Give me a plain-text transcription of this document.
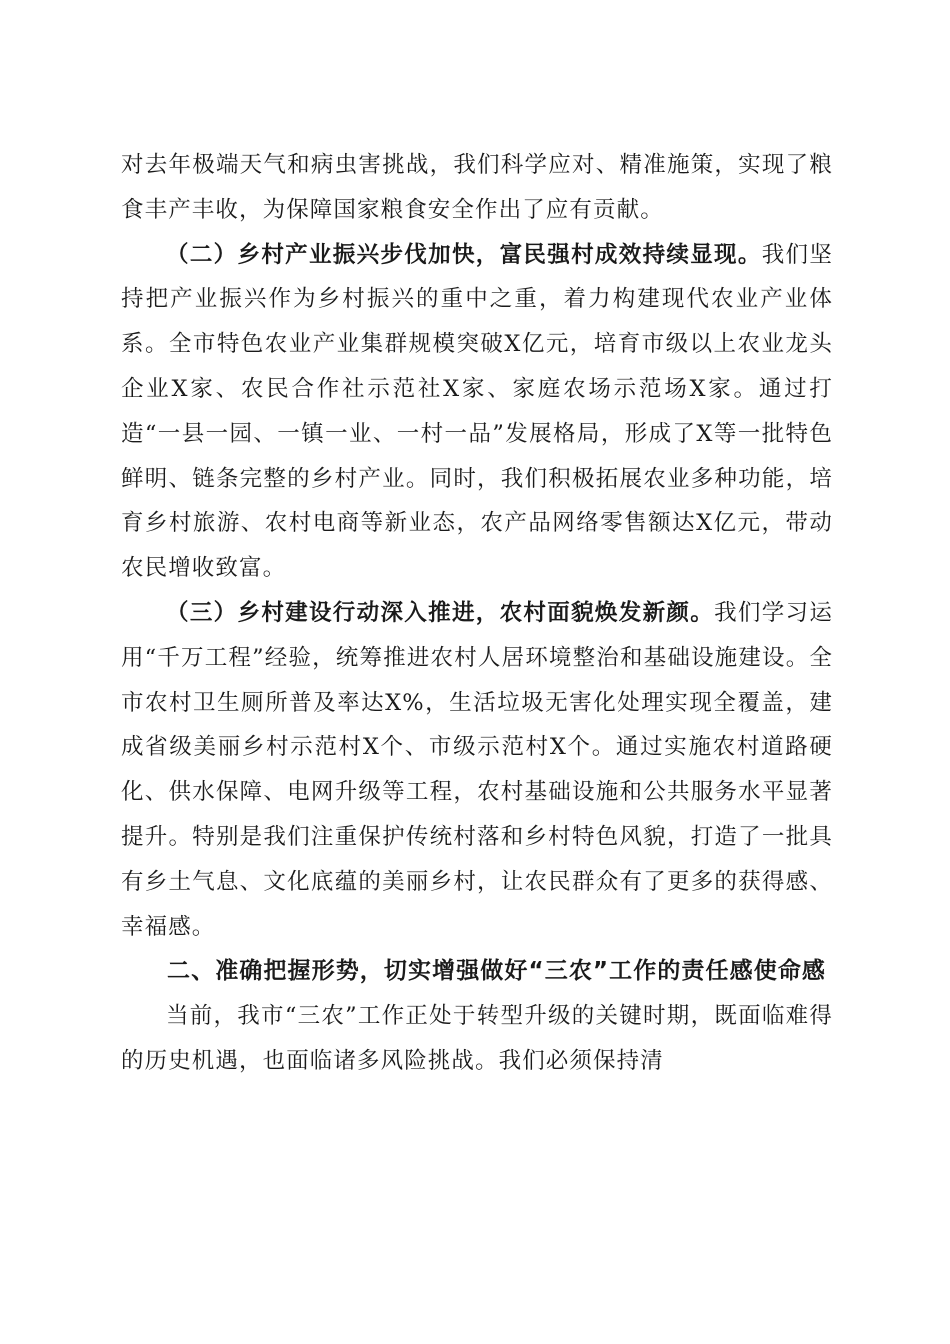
对去年极端天气和病虫害挑战，我们科学应对、精准施策，实现了粮食丰产丰收，为保障国家粮食安全作出了应有贡献。

（二）乡村产业振兴步伐加快，富民强村成效持续显现。我们坚持把产业振兴作为乡村振兴的重中之重，着力构建现代农业产业体系。全市特色农业产业集群规模突破X亿元，培育市级以上农业龙头企业X家、农民合作社示范社X家、家庭农场示范场X家。通过打造“一县一园、一镇一业、一村一品”发展格局，形成了X等一批特色鲜明、链条完整的乡村产业。同时，我们积极拓展农业多种功能，培育乡村旅游、农村电商等新业态，农产品网络零售额达X亿元，带动农民增收致富。

（三）乡村建设行动深入推进，农村面貌焕发新颜。我们学习运用“千万工程”经验，统筹推进农村人居环境整治和基础设施建设。全市农村卫生厕所普及率达X%，生活垃圾无害化处理实现全覆盖，建成省级美丽乡村示范村X个、市级示范村X个。通过实施农村道路硬化、供水保障、电网升级等工程，农村基础设施和公共服务水平显著提升。特别是我们注重保护传统村落和乡村特色风貌，打造了一批具有乡土气息、文化底蕴的美丽乡村，让农民群众有了更多的获得感、幸福感。

二、准确把握形势，切实增强做好“三农”工作的责任感使命感

当前，我市“三农”工作正处于转型升级的关键时期，既面临难得的历史机遇，也面临诸多风险挑战。我们必须保持清
